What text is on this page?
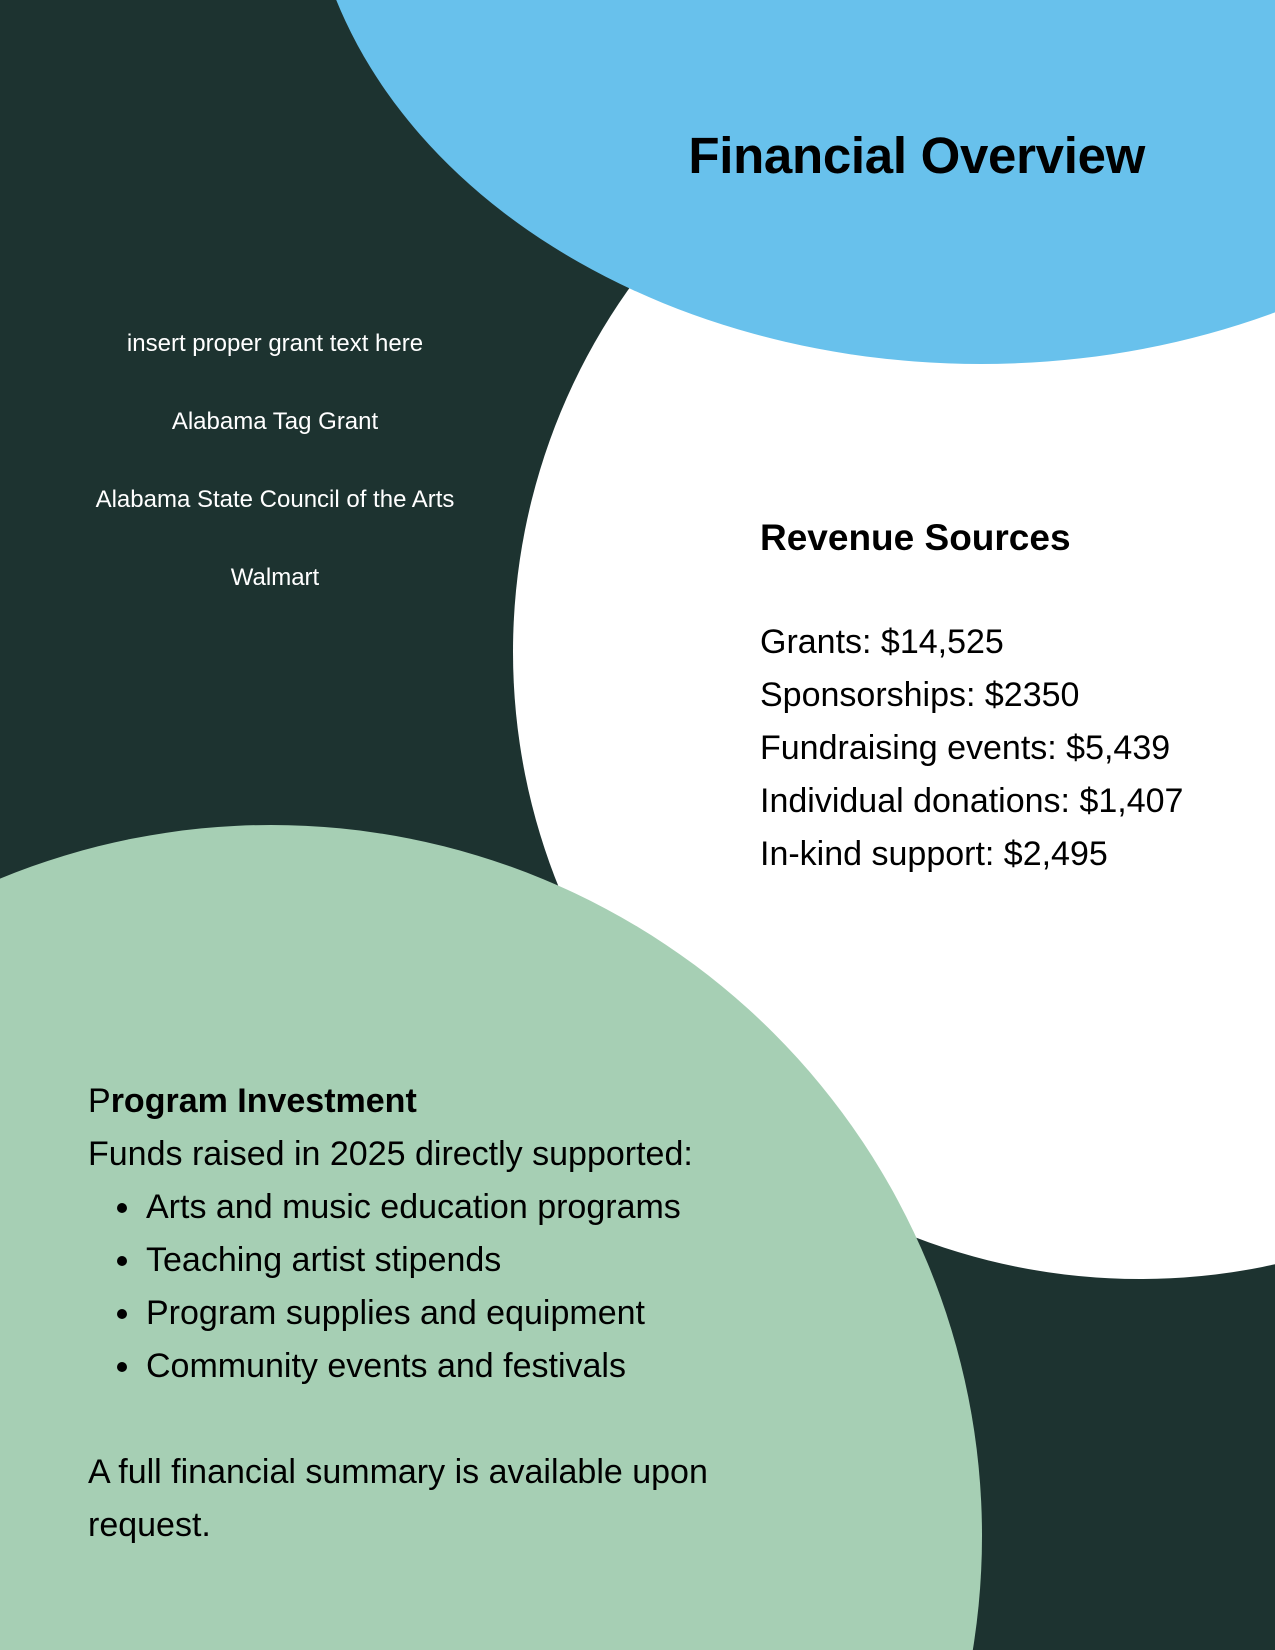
Financial Overview
insert proper grant text here
Alabama Tag Grant
Alabama State Council of the Arts
Walmart
Revenue Sources
Grants: $14,525
Sponsorships: $2350
Fundraising events: $5,439
Individual donations: $1,407
In-kind support: $2,495
Program Investment
Funds raised in 2025 directly supported:
• Arts and music education programs
• Teaching artist stipends
• Program supplies and equipment
• Community events and festivals
A full financial summary is available upon request.
